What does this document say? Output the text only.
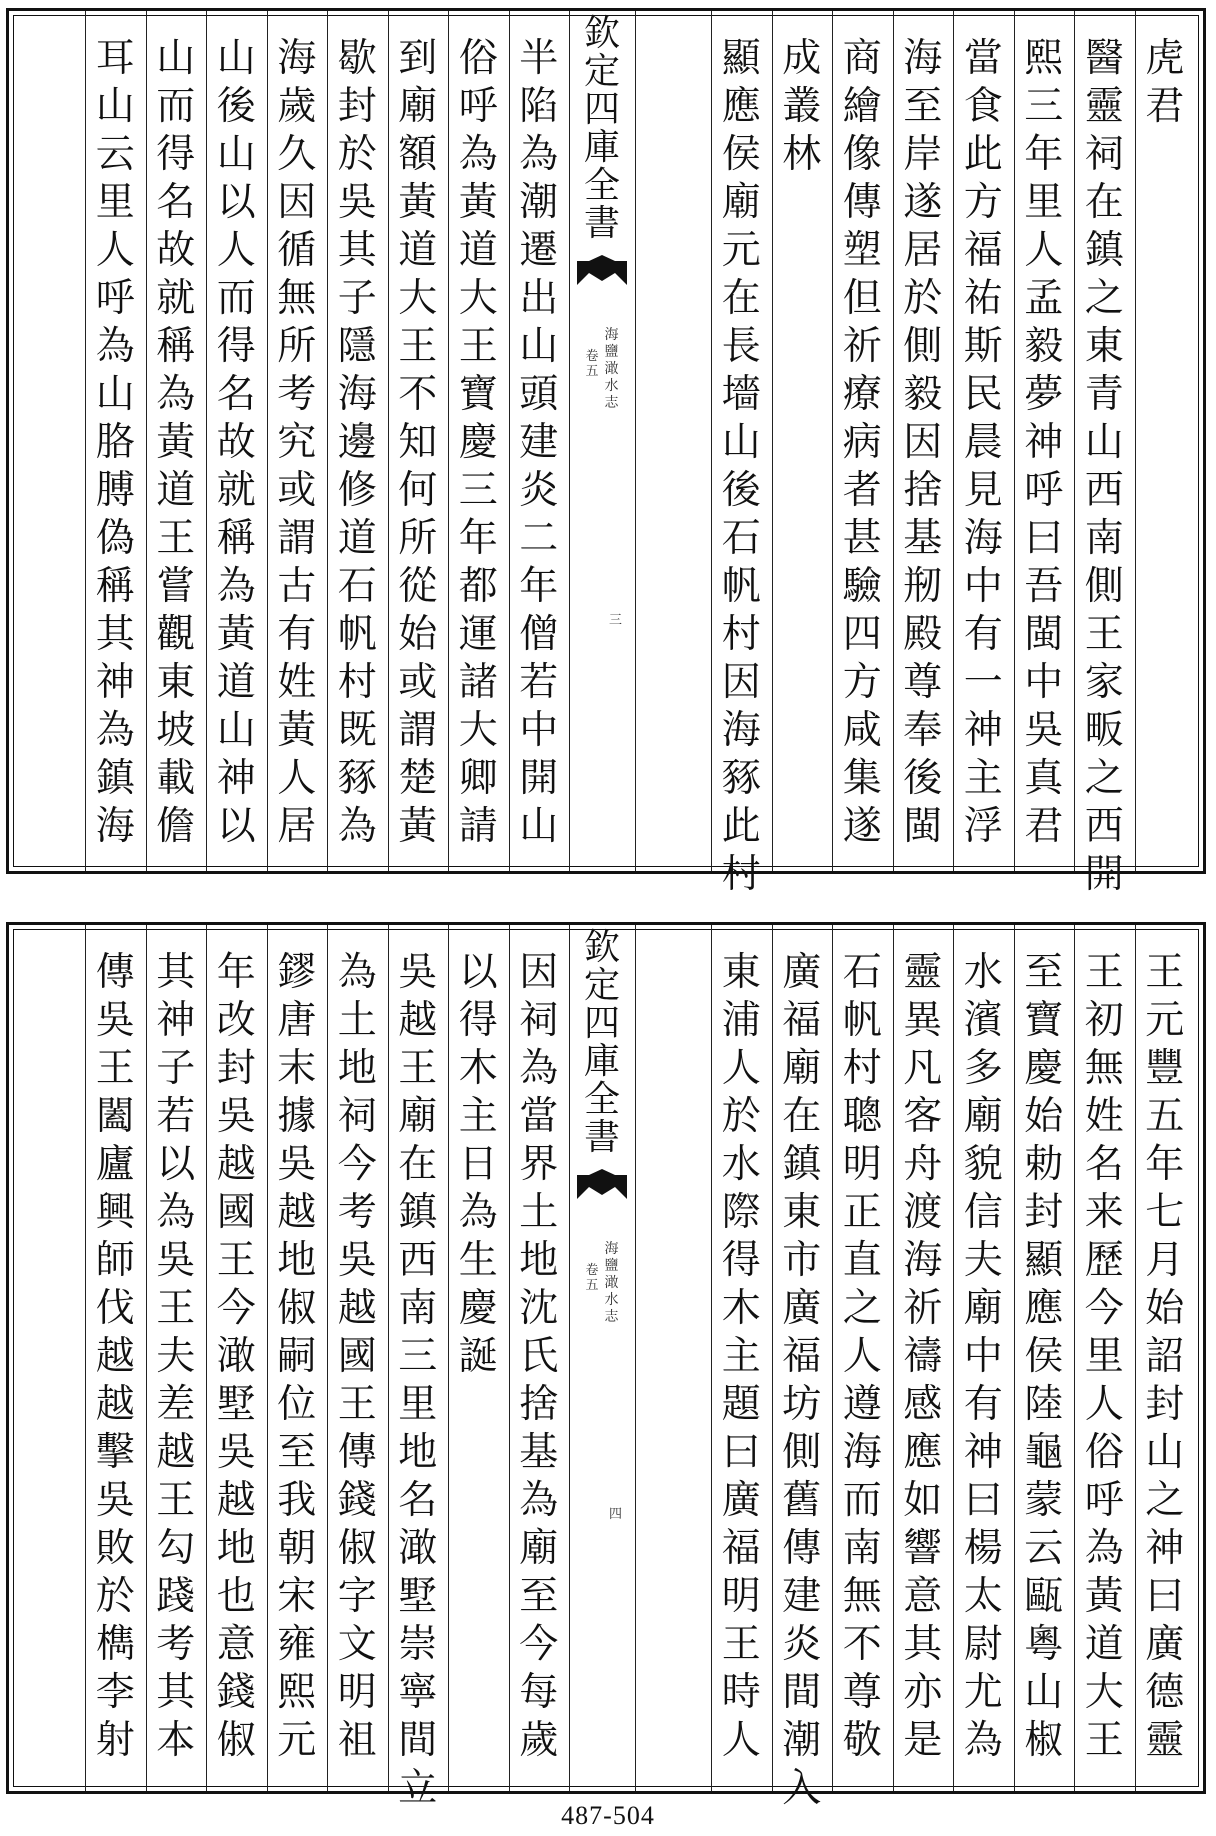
虎
君
醫
靈
祠
在
鎮
之
東
青
山
西
南
側
王
家
畈
之
西
開
熙
三
年
里
人
孟
毅
夢
神
呼
曰
吾
閩
中
吳
真
君
當
食
此
方
福
祐
斯
民
晨
見
海
中
有
一
神
主
浮
海
至
岸
遂
居
於
側
毅
因
捨
基
剏
殿
尊
奉
後
閩
商
繪
像
傳
塑
但
祈
療
病
者
甚
驗
四
方
咸
集
遂
成
叢
林
顯
應
侯
廟
元
在
長
墻
山
後
石
帆
村
因
海
豩
此
村
半
陷
為
潮
遷
出
山
頭
建
炎
二
年
僧
若
中
開
山
俗
呼
為
黃
道
大
王
寶
慶
三
年
都
運
諸
大
卿
請
到
廟
額
黃
道
大
王
不
知
何
所
從
始
或
謂
楚
黃
歇
封
於
吳
其
子
隱
海
邊
修
道
石
帆
村
既
豩
為
海
歲
久
因
循
無
所
考
究
或
謂
古
有
姓
黃
人
居
山
後
山
以
人
而
得
名
故
就
稱
為
黃
道
山
神
以
山
而
得
名
故
就
稱
為
黃
道
王
嘗
觀
東
坡
載
儋
耳
山
云
里
人
呼
為
山
胳
膊
偽
稱
其
神
為
鎮
海
欽
定
四
庫
全
書
卷
五
海
鹽
澉
水
志
三
王
元
豐
五
年
七
月
始
詔
封
山
之
神
曰
廣
德
靈
王
初
無
姓
名
来
歷
今
里
人
俗
呼
為
黃
道
大
王
至
寶
慶
始
勅
封
顯
應
侯
陸
龜
蒙
云
甌
粵
山
椒
水
濱
多
廟
貌
信
夫
廟
中
有
神
曰
楊
太
尉
尤
為
靈
異
凡
客
舟
渡
海
祈
禱
感
應
如
響
意
其
亦
是
石
帆
村
聰
明
正
直
之
人
遵
海
而
南
無
不
尊
敬
廣
福
廟
在
鎮
東
市
廣
福
坊
側
舊
傳
建
炎
間
潮
入
東
浦
人
於
水
際
得
木
主
題
曰
廣
福
明
王
時
人
因
祠
為
當
界
土
地
沈
氏
捨
基
為
廟
至
今
每
歲
以
得
木
主
日
為
生
慶
誕
吳
越
王
廟
在
鎮
西
南
三
里
地
名
澉
墅
崇
寧
間
立
為
土
地
祠
今
考
吳
越
國
王
傳
錢
俶
字
文
明
祖
鏐
唐
末
據
吳
越
地
俶
嗣
位
至
我
朝
宋
雍
熙
元
年
改
封
吳
越
國
王
今
澉
墅
吳
越
地
也
意
錢
俶
其
神
子
若
以
為
吳
王
夫
差
越
王
勾
踐
考
其
本
傳
吳
王
闔
廬
興
師
伐
越
越
擊
吳
敗
於
檇
李
射
欽
定
四
庫
全
書
卷
五
海
鹽
澉
水
志
四
487-504
